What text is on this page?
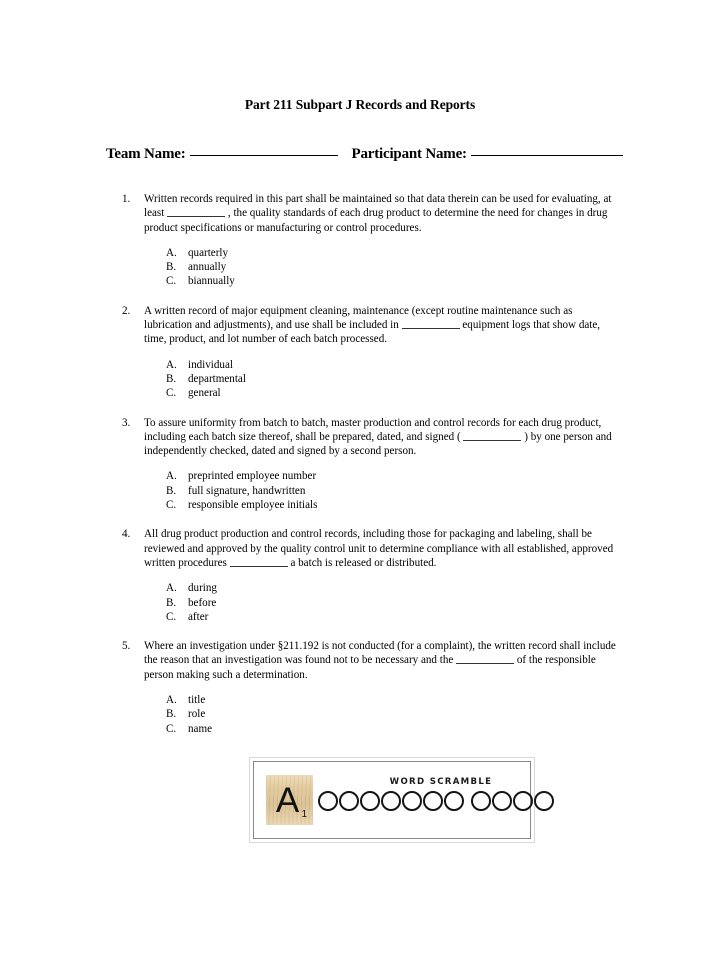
Part 211 Subpart J Records and Reports
Team Name:	Participant Name:
1.	Written records required in this part shall be maintained so that data therein can be used for evaluating, at least	, the quality standards of each drug product to determine the need for changes in drug product specifications or manufacturing or control procedures.
A.	quarterly
B.	annually
C.	biannually
2.	A written record of major equipment cleaning, maintenance (except routine maintenance such as lubrication and adjustments), and use shall be included in	equipment logs that show date, time, product, and lot number of each batch processed.
A.	individual
B.	departmental
C.	general
3.	To assure uniformity from batch to batch, master production and control records for each drug product, including each batch size thereof, shall be prepared, dated, and signed (	) by one person and independently checked, dated and signed by a second person.
A.	preprinted employee number
B.	full signature, handwritten
C.	responsible employee initials
4.	All drug product production and control records, including those for packaging and labeling, shall be reviewed and approved by the quality control unit to determine compliance with all established, approved written procedures	a batch is released or distributed.
A.	during
B.	before
C.	after
5.	Where an investigation under §211.192 is not conducted (for a complaint), the written record shall include the reason that an investigation was found not to be necessary and the	of the responsible person making such a determination.
A.	title
B.	role
C.	name
A 1
WORD SCRAMBLE
